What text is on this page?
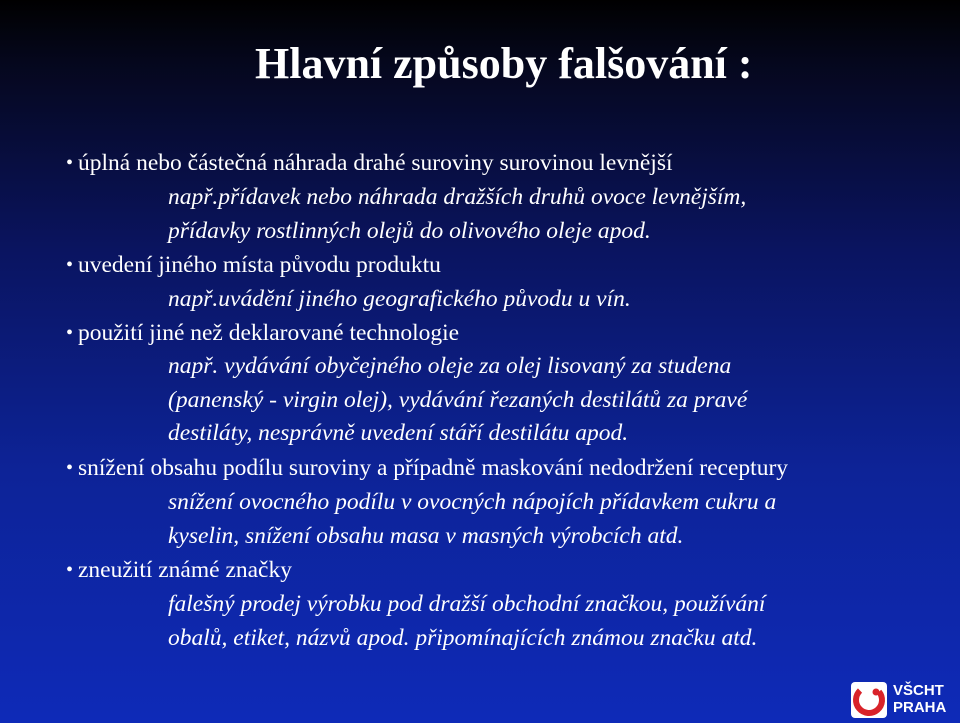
Hlavní způsoby falšování :
• úplná nebo částečná náhrada drahé suroviny surovinou levnější
např.přídavek nebo náhrada dražších druhů ovoce levnějším,
přídavky rostlinných olejů do olivového oleje apod.
• uvedení jiného místa původu produktu
např.uvádění jiného geografického původu u vín.
• použití jiné než deklarované technologie
např. vydávání obyčejného oleje za olej lisovaný za studena
(panenský - virgin olej), vydávání řezaných destilátů za pravé
destiláty, nesprávně uvedení stáří destilátu apod.
• snížení obsahu podílu suroviny a případně maskování nedodržení receptury
snížení ovocného podílu v ovocných nápojích přídavkem cukru a
kyselin, snížení obsahu masa v masných výrobcích atd.
• zneužití známé značky
falešný prodej výrobku pod dražší obchodní značkou, používání
obalů, etiket, názvů apod. připomínajících známou značku atd.
VŠCHT
PRAHA
